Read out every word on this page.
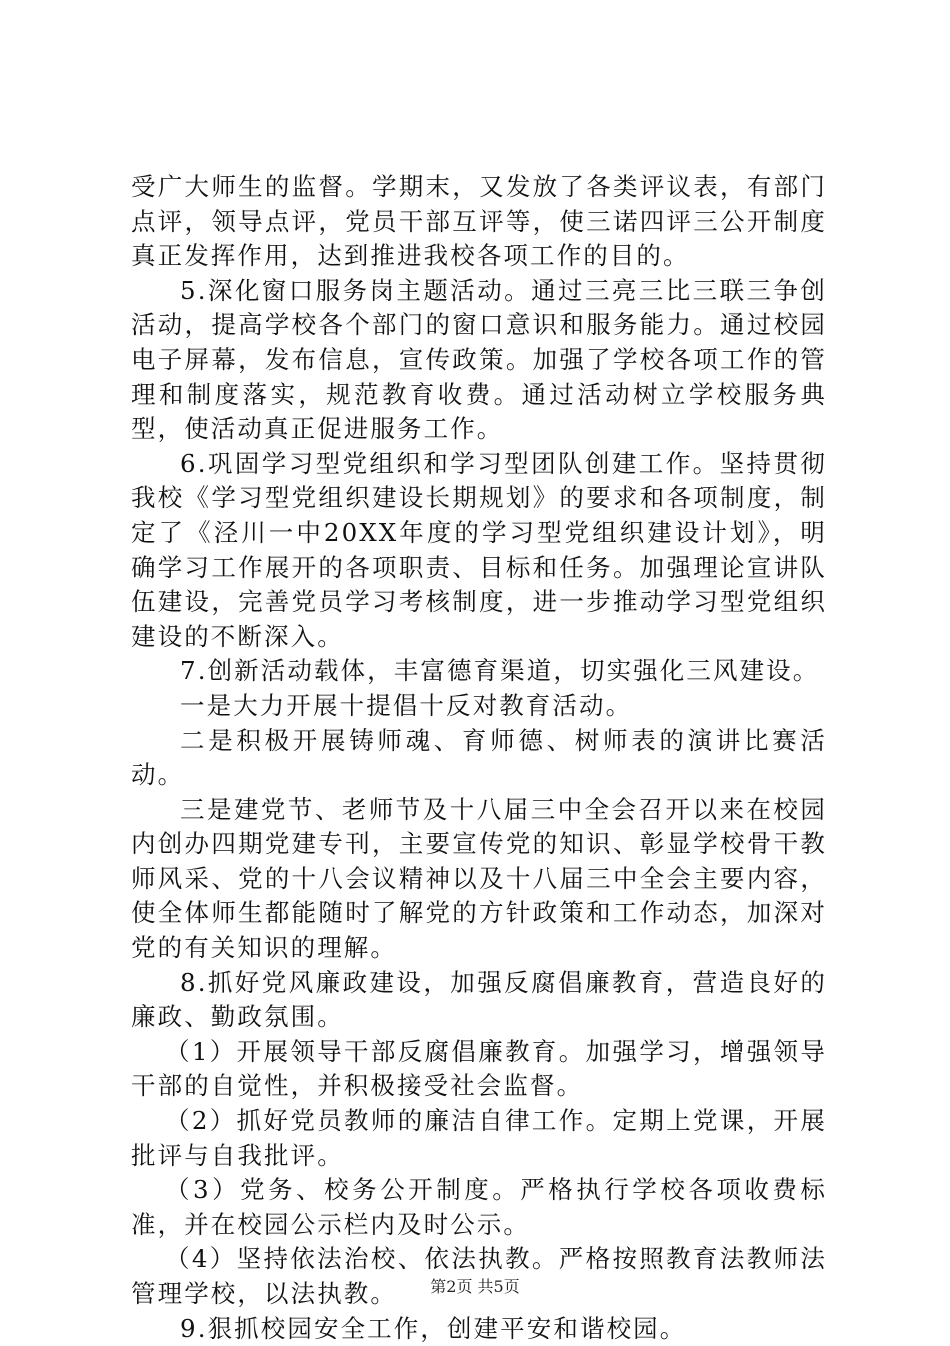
受广大师生的监督。学期末，又发放了各类评议表，有部门点评，领导点评，党员干部互评等，使三诺四评三公开制度真正发挥作用，达到推进我校各项工作的目的。

5.深化窗口服务岗主题活动。通过三亮三比三联三争创活动，提高学校各个部门的窗口意识和服务能力。通过校园电子屏幕，发布信息，宣传政策。加强了学校各项工作的管理和制度落实，规范教育收费。通过活动树立学校服务典型，使活动真正促进服务工作。

6.巩固学习型党组织和学习型团队创建工作。坚持贯彻我校《学习型党组织建设长期规划》的要求和各项制度，制定了《泾川一中20XX年度的学习型党组织建设计划》，明确学习工作展开的各项职责、目标和任务。加强理论宣讲队伍建设，完善党员学习考核制度，进一步推动学习型党组织建设的不断深入。

7.创新活动载体，丰富德育渠道，切实强化三风建设。

一是大力开展十提倡十反对教育活动。

二是积极开展铸师魂、育师德、树师表的演讲比赛活动。

三是建党节、老师节及十八届三中全会召开以来在校园内创办四期党建专刊，主要宣传党的知识、彰显学校骨干教师风采、党的十八会议精神以及十八届三中全会主要内容，使全体师生都能随时了解党的方针政策和工作动态，加深对党的有关知识的理解。

8.抓好党风廉政建设，加强反腐倡廉教育，营造良好的廉政、勤政氛围。

（1）开展领导干部反腐倡廉教育。加强学习，增强领导干部的自觉性，并积极接受社会监督。

（2）抓好党员教师的廉洁自律工作。定期上党课，开展批评与自我批评。

（3）党务、校务公开制度。严格执行学校各项收费标准，并在校园公示栏内及时公示。

（4）坚持依法治校、依法执教。严格按照教育法教师法管理学校，以法执教。

9.狠抓校园安全工作，创建平安和谐校园。

第2页 共5页
